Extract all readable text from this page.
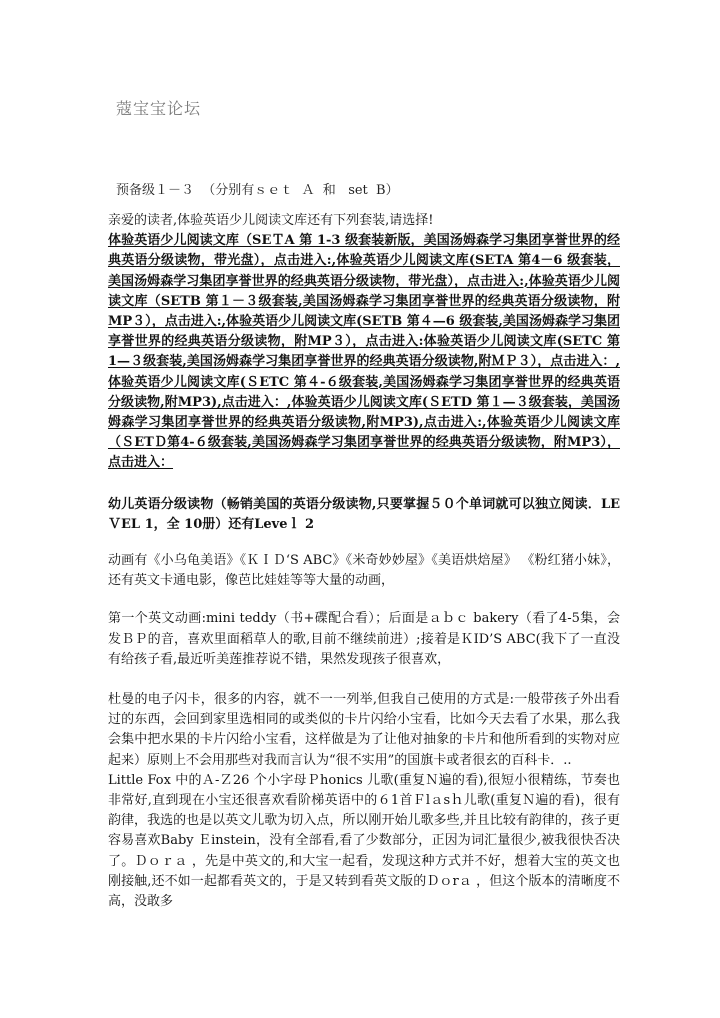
蔻宝宝论坛
预备级１－３  （分别有ｓｅｔ  Ａ  和   set  B）

亲爱的读者,体验英语少儿阅读文库还有下列套装,请选择!

体验英语少儿阅读文库（SEＴA 第 1-3 级套装新版，美国汤姆森学习集团享誉世界的经典英语分级读物，带光盘），点击进入:‎,体验英语少儿阅读文库(SETA 第4－6 级套装，美国汤姆森学习集团享誉世界的经典英语分级读物，带光盘），点击进入:‎,体验英语少儿阅读文库（SETB 第１－３级套装,美国汤姆森学习集团享誉世界的经典英语分级读物，附 MP３），点击进入:‎,体验英语少儿阅读文库(SETB 第４—6 级套装,美国汤姆森学习集团享誉世界的经典英语分级读物，附MP３），点击进入:‎体验英语少儿阅读文库(SETC 第 1—３级套装,美国汤姆森学习集团享誉世界的经典英语分级读物,附ＭＰ３），点击进入：,体验英语少儿阅读文库(ＳETC 第４-６级套装,美国汤姆森学习集团享誉世界的经典英语分级读物,附MP3),点击进入：,体验英语少儿阅读文库(ＳETD 第１—３级套装，美国汤姆森学习集团享誉世界的经典英语分级读物,附MP3),点击进入:,体验英语少儿阅读文库（ＳETＤ第4-６级套装,美国汤姆森学习集团享誉世界的经典英语分级读物，附MP3），点击进入：

幼儿英语分级读物（畅销美国的英语分级读物,只要掌握５０个单词就可以独立阅读．LEＶEL 1，全 10册）还有Leveｌ 2

动画有《小乌龟美语》《ＫＩＤ‘S ABC》《米奇妙妙屋》《美语烘焙屋》 《粉红猪小妹》，还有英文卡通电影，像芭比娃娃等等大量的动画，

第一个英文动画:mini teddy（书+碟配合看）；后面是ａｂｃ bakery（看了4-5集，会发ＢＰ的音，喜欢里面稻草人的歌,目前不继续前进）;接着是ＫID’S ABC(我下了一直没有给孩子看,最近听美莲推荐说不错，果然发现孩子很喜欢，

杜曼的电子闪卡，很多的内容，就不一一列举,但我自己使用的方式是:一般带孩子外出看过的东西，会回到家里选相同的或类似的卡片闪给小宝看，比如今天去看了水果，那么我会集中把水果的卡片闪给小宝看，这样做是为了让他对抽象的卡片和他所看到的实物对应起来）原则上不会用那些对我而言认为“很不实用”的国旗卡或者很玄的百科卡．..

‎Little Fox 中的Ａ-Ｚ26 个小字母Ｐhonics 儿歌(重复Ｎ遍的看),很短小很精练，节奏也非常好,直到现在小宝还很喜欢看‎阶梯英语中的６1首Ｆlａsｈ儿歌(重复Ｎ遍的看)，很有韵律，我选的也是以英文儿歌为切入点，所以刚开始儿歌多些,并且比较有韵律的，孩子更容易喜欢‎‎Baby Ｅinstein，没有全部看,看了少数部分，正因为词汇量很少,被我很快否决了。‎‎Ｄｏｒａ ，先是中英文的,和大宝一起看，发现这种方式并不好，想着大宝的英文也刚接触,还不如一起都看英文的，于是又转到看英文版的Ｄｏrａ ，但这个版本的清晰度不高，没敢多
